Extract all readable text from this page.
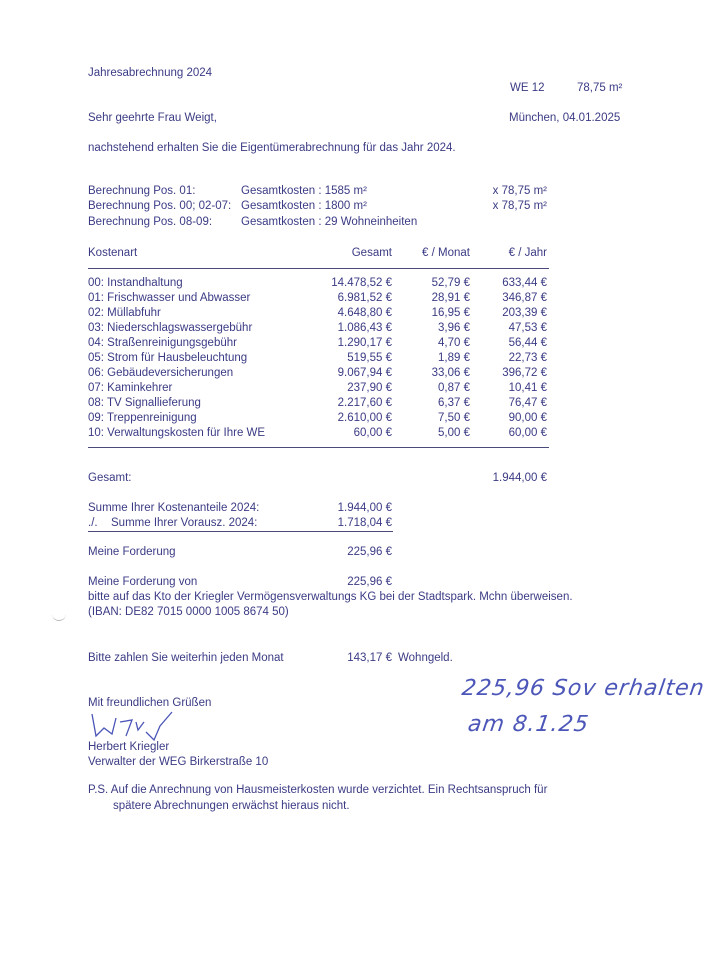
Jahresabrechnung 2024
WE 12	78,75 m²
Sehr geehrte Frau Weigt,	München, 04.01.2025
nachstehend erhalten Sie die Eigentümerabrechnung für das Jahr 2024.
Berechnung Pos. 01:	Gesamtkosten : 1585 m²	x 78,75 m²
Berechnung Pos. 00; 02-07: Gesamtkosten : 1800 m²	x 78,75 m²
Berechnung Pos. 08-09:	Gesamtkosten : 29 Wohneinheiten
Kostenart	Gesamt	€ / Monat	€ / Jahr
00: Instandhaltung	14.478,52 €	52,79 €	633,44 €
01: Frischwasser und Abwasser	6.981,52 €	28,91 €	346,87 €
02: Müllabfuhr	4.648,80 €	16,95 €	203,39 €
03: Niederschlagswassergebühr	1.086,43 €	3,96 €	47,53 €
04: Straßenreinigungsgebühr	1.290,17 €	4,70 €	56,44 €
05: Strom für Hausbeleuchtung	519,55 €	1,89 €	22,73 €
06: Gebäudeversicherungen	9.067,94 €	33,06 €	396,72 €
07: Kaminkehrer	237,90 €	0,87 €	10,41 €
08: TV Signallieferung	2.217,60 €	6,37 €	76,47 €
09: Treppenreinigung	2.610,00 €	7,50 €	90,00 €
10: Verwaltungskosten für Ihre WE	60,00 €	5,00 €	60,00 €
Gesamt:	1.944,00 €
Summe Ihrer Kostenanteile 2024:	1.944,00 €
./. Summe Ihrer Vorausz. 2024:	1.718,04 €
Meine Forderung	225,96 €
Meine Forderung von	225,96 €
bitte auf das Kto der Kriegler Vermögensverwaltungs KG bei der Stadtspark. Mchn überweisen.
(IBAN: DE82 7015 0000 1005 8674 50)
Bitte zahlen Sie weiterhin jeden Monat	143,17 € Wohngeld.
Mit freundlichen Grüßen
Herbert Kriegler
Verwalter der WEG Birkerstraße 10
P.S. Auf die Anrechnung von Hausmeisterkosten wurde verzichtet. Ein Rechtsanspruch für
spätere Abrechnungen erwächst hieraus nicht.
225,96 Sov erhalten
am 8.1.25
